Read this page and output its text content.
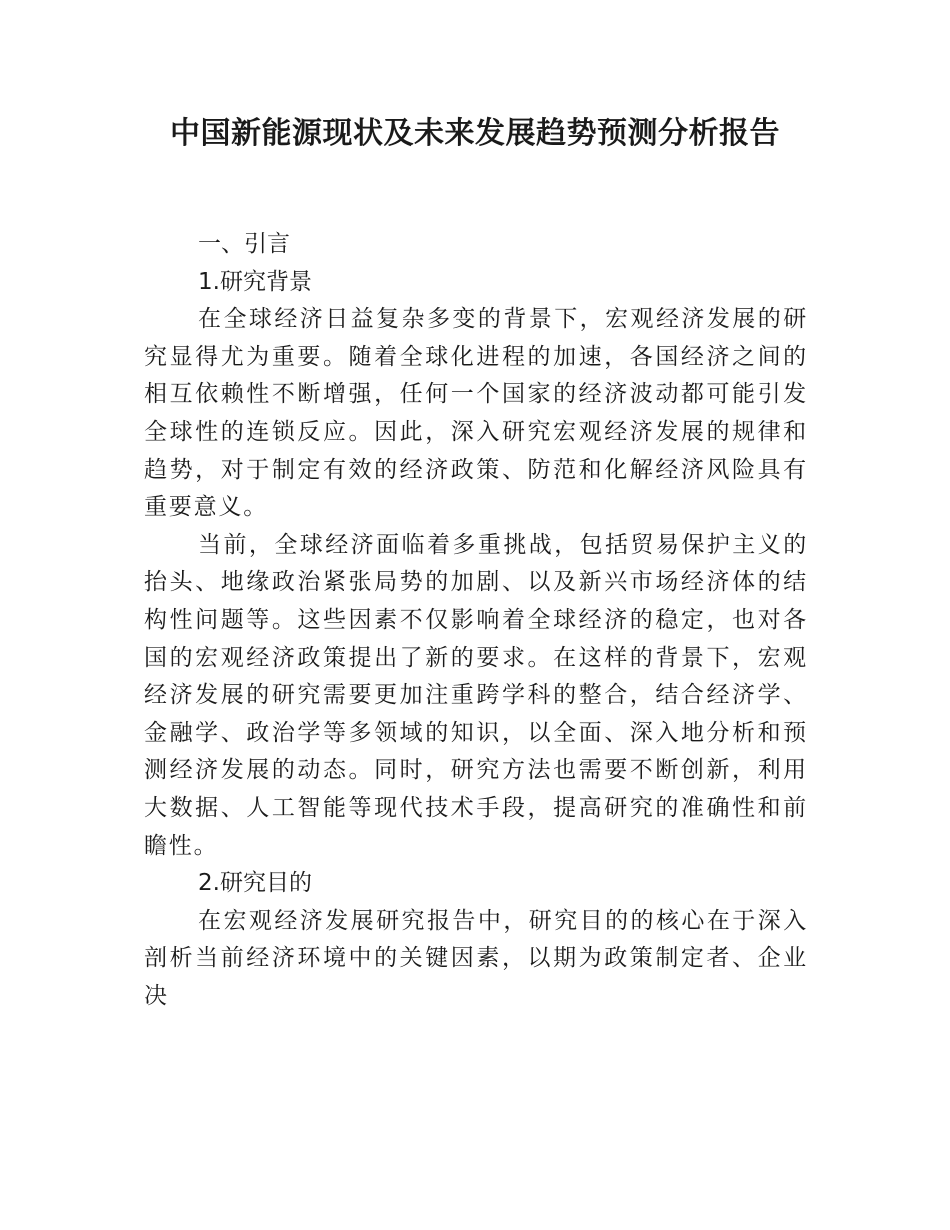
中国新能源现状及未来发展趋势预测分析报告

一、引言

1.研究背景

在全球经济日益复杂多变的背景下，宏观经济发展的研究显得尤为重要。随着全球化进程的加速，各国经济之间的相互依赖性不断增强，任何一个国家的经济波动都可能引发全球性的连锁反应。因此，深入研究宏观经济发展的规律和趋势，对于制定有效的经济政策、防范和化解经济风险具有重要意义。

当前，全球经济面临着多重挑战，包括贸易保护主义的抬头、地缘政治紧张局势的加剧、以及新兴市场经济体的结构性问题等。这些因素不仅影响着全球经济的稳定，也对各国的宏观经济政策提出了新的要求。在这样的背景下，宏观经济发展的研究需要更加注重跨学科的整合，结合经济学、金融学、政治学等多领域的知识，以全面、深入地分析和预测经济发展的动态。同时，研究方法也需要不断创新，利用大数据、人工智能等现代技术手段，提高研究的准确性和前瞻性。

2.研究目的

在宏观经济发展研究报告中，研究目的的核心在于深入剖析当前经济环境中的关键因素，以期为政策制定者、企业决
